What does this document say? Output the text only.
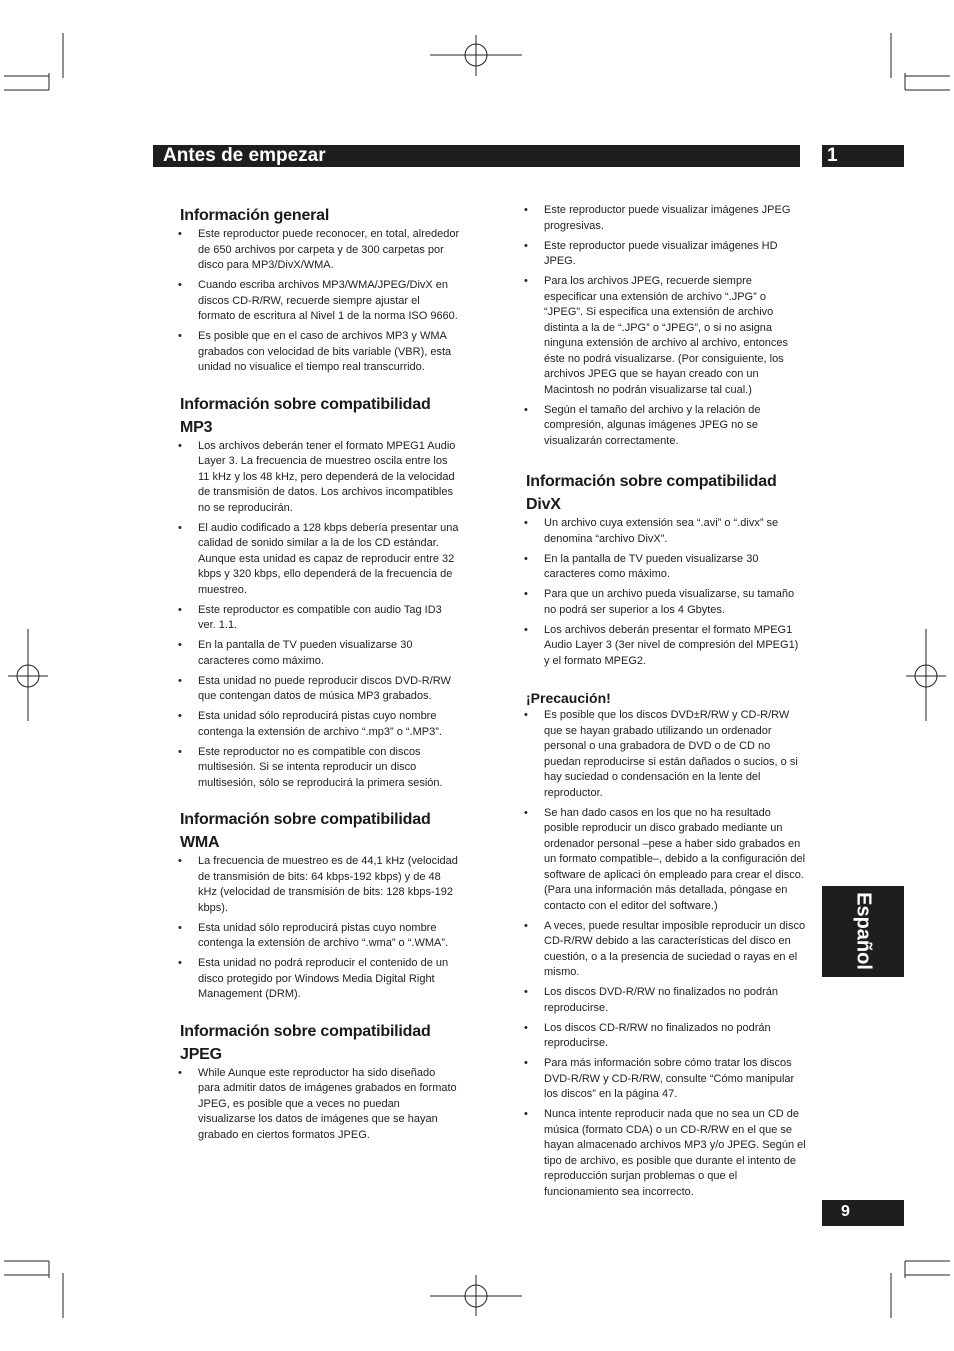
Antes de empezar	1
Español
9
Información general
• Este reproductor puede reconocer, en total, alrededor de 650 archivos por carpeta y de 300 carpetas por disco para MP3/DivX/WMA.
• Cuando escriba archivos MP3/WMA/JPEG/DivX en discos CD-R/RW, recuerde siempre ajustar el formato de escritura al Nivel 1 de la norma ISO 9660.
• Es posible que en el caso de archivos MP3 y WMA grabados con velocidad de bits variable (VBR), esta unidad no visualice el tiempo real transcurrido.
Información sobre compatibilidad MP3
• Los archivos deberán tener el formato MPEG1 Audio Layer 3. La frecuencia de muestreo oscila entre los 11 kHz y los 48 kHz, pero dependerá de la velocidad de transmisión de datos. Los archivos incompatibles no se reproducirán.
• El audio codificado a 128 kbps debería presentar una calidad de sonido similar a la de los CD estándar. Aunque esta unidad es capaz de reproducir entre 32 kbps y 320 kbps, ello dependerá de la frecuencia de muestreo.
• Este reproductor es compatible con audio Tag ID3 ver. 1.1.
• En la pantalla de TV pueden visualizarse 30 caracteres como máximo.
• Esta unidad no puede reproducir discos DVD-R/RW que contengan datos de música MP3 grabados.
• Esta unidad sólo reproducirá pistas cuyo nombre contenga la extensión de archivo “.mp3” o “.MP3”.
• Este reproductor no es compatible con discos multisesión. Si se intenta reproducir un disco multisesión, sólo se reproducirá la primera sesión.
Información sobre compatibilidad WMA
• La frecuencia de muestreo es de 44,1 kHz (velocidad de transmisión de bits: 64 kbps-192 kbps) y de 48 kHz (velocidad de transmisión de bits: 128 kbps-192 kbps).
• Esta unidad sólo reproducirá pistas cuyo nombre contenga la extensión de archivo “.wma” o “.WMA”.
• Esta unidad no podrá reproducir el contenido de un disco protegido por Windows Media Digital Right Management (DRM).
Información sobre compatibilidad JPEG
• While Aunque este reproductor ha sido diseñado para admitir datos de imágenes grabados en formato JPEG, es posible que a veces no puedan visualizarse los datos de imágenes que se hayan grabado en ciertos formatos JPEG.
• Este reproductor puede visualizar imágenes JPEG progresivas.
• Este reproductor puede visualizar imágenes HD JPEG.
• Para los archivos JPEG, recuerde siempre especificar una extensión de archivo “.JPG” o “JPEG”. Si especifica una extensión de archivo distinta a la de “.JPG” o “JPEG”, o si no asigna ninguna extensión de archivo al archivo, entonces éste no podrá visualizarse. (Por consiguiente, los archivos JPEG que se hayan creado con un Macintosh no podrán visualizarse tal cual.)
• Según el tamaño del archivo y la relación de compresión, algunas imágenes JPEG no se visualizarán correctamente.
Información sobre compatibilidad DivX
• Un archivo cuya extensión sea “.avi” o “.divx” se denomina “archivo DivX”.
• En la pantalla de TV pueden visualizarse 30 caracteres como máximo.
• Para que un archivo pueda visualizarse, su tamaño no podrá ser superior a los 4 Gbytes.
• Los archivos deberán presentar el formato MPEG1 Audio Layer 3 (3er nivel de compresión del MPEG1) y el formato MPEG2.
¡Precaución!
• Es posible que los discos DVD±R/RW y CD-R/RW que se hayan grabado utilizando un ordenador personal o una grabadora de DVD o de CD no puedan reproducirse si están dañados o sucios, o si hay suciedad o condensación en la lente del reproductor.
• Se han dado casos en los que no ha resultado posible reproducir un disco grabado mediante un ordenador personal –pese a haber sido grabados en un formato compatible–, debido a la configuración del software de aplicaci ón empleado para crear el disco. (Para una información más detallada, póngase en contacto con el editor del software.)
• A veces, puede resultar imposible reproducir un disco CD-R/RW debido a las características del disco en cuestión, o a la presencia de suciedad o rayas en el mismo.
• Los discos DVD-R/RW no finalizados no podrán reproducirse.
• Los discos CD-R/RW no finalizados no podrán reproducirse.
• Para más información sobre cómo tratar los discos DVD-R/RW y CD-R/RW, consulte “Cómo manipular los discos” en la página 47.
• Nunca intente reproducir nada que no sea un CD de música (formato CDA) o un CD-R/RW en el que se hayan almacenado archivos MP3 y/o JPEG. Según el tipo de archivo, es posible que durante el intento de reproducción surjan problemas o que el funcionamiento sea incorrecto.
